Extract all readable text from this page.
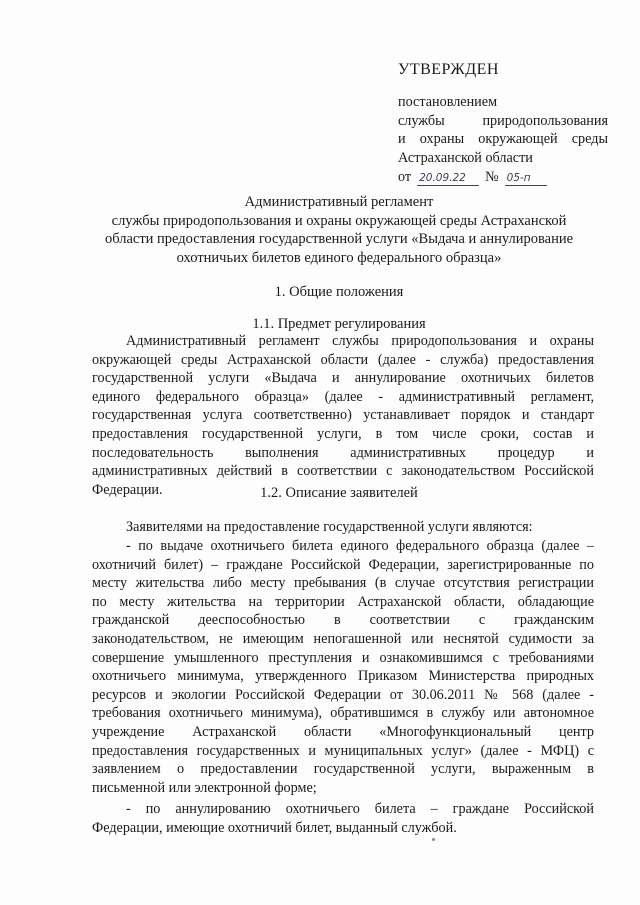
УТВЕРЖДЕН
постановлением
службы природопользования
и охраны окружающей среды
Астраханской области
от 20.09.22	№ 05-п
Административный регламент
службы природопользования и охраны окружающей среды Астраханской
области предоставления государственной услуги «Выдача и аннулирование
охотничьих билетов единого федерального образца»
1. Общие положения
1.1. Предмет регулирования
Административный регламент службы природопользования и охраны
окружающей среды Астраханской области (далее - служба) предоставления
государственной услуги «Выдача и аннулирование охотничьих билетов
единого федерального образца» (далее - административный регламент,
государственная услуга соответственно) устанавливает порядок и стандарт
предоставления государственной услуги, в том числе сроки, состав и
последовательность выполнения административных процедур и
административных действий в соответствии с законодательством Российской
Федерации.	1.2. Описание заявителей
Заявителями на предоставление государственной услуги являются:
- по выдаче охотничьего билета единого федерального образца (далее –
охотничий билет) – граждане Российской Федерации, зарегистрированные по
месту жительства либо месту пребывания (в случае отсутствия регистрации
по месту жительства на территории Астраханской области, обладающие
гражданской дееспособностью в соответствии с гражданским
законодательством, не имеющим непогашенной или неснятой судимости за
совершение умышленного преступления и ознакомившимся с требованиями
охотничьего минимума, утвержденного Приказом Министерства природных
ресурсов и экологии Российской Федерации от 30.06.2011 № 568 (далее -
требования охотничьего минимума), обратившимся в службу или автономное
учреждение Астраханской области «Многофункциональный центр
предоставления государственных и муниципальных услуг» (далее - МФЦ) с
заявлением о предоставлении государственной услуги, выраженным в
письменной или электронной форме;
- по аннулированию охотничьего билета – граждане Российской
Федерации, имеющие охотничий билет, выданный службой.
